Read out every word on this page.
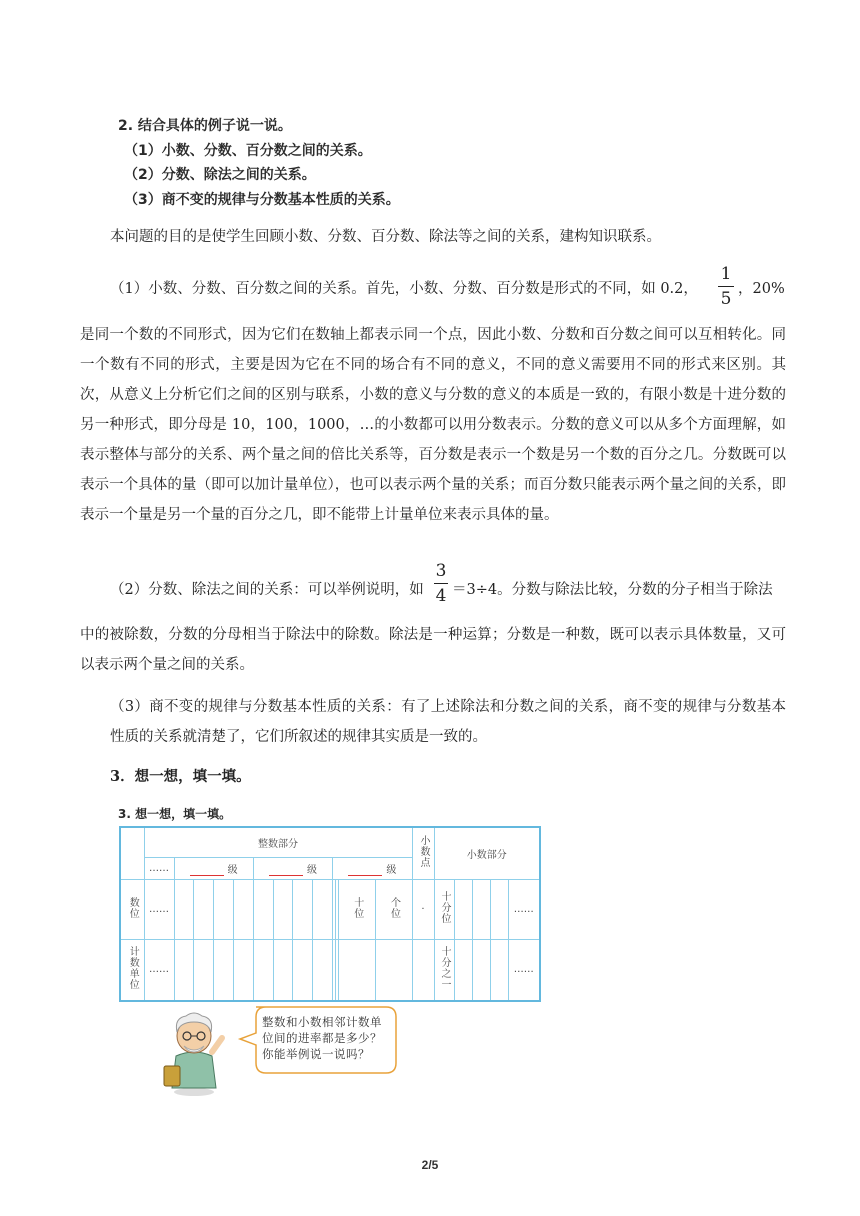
2. 结合具体的例子说一说。
（1）小数、分数、百分数之间的关系。
（2）分数、除法之间的关系。
（3）商不变的规律与分数基本性质的关系。
本问题的目的是使学生回顾小数、分数、百分数、除法等之间的关系，建构知识联系。
（1）小数、分数、百分数之间的关系。首先，小数、分数、百分数是形式的不同，如 0.2，
1
5 ，20%
是同一个数的不同形式，因为它们在数轴上都表示同一个点，因此小数、分数和百分数之间可以互相转化。同一个数有不同的形式，主要是因为它在不同的场合有不同的意义，不同的意义需要用不同的形式来区别。其次，从意义上分析它们之间的区别与联系，小数的意义与分数的意义的本质是一致的，有限小数是十进分数的另一种形式，即分母是 10，100，1000，…的小数都可以用分数表示。分数的意义可以从多个方面理解，如表示整体与部分的关系、两个量之间的倍比关系等，百分数是表示一个数是另一个数的百分之几。分数既可以表示一个具体的量（即可以加计量单位），也可以表示两个量的关系；而百分数只能表示两个量之间的关系，即表示一个量是另一个量的百分之几，即不能带上计量单位来表示具体的量。
（2）分数、除法之间的关系：可以举例说明，如
3
4 ＝3÷4。分数与除法比较，分数的分子相当于除法
中的被除数，分数的分母相当于除法中的除数。除法是一种运算；分数是一种数，既可以表示具体数量，又可以表示两个量之间的关系。
（3）商不变的规律与分数基本性质的关系：有了上述除法和分数之间的关系，商不变的规律与分数基本性质的关系就清楚了，它们所叙述的规律其实质是一致的。
3．想一想，填一填。
3. 想一想，填一填。
	整数部分													小数点	小数部分				
	……	级				级				级									
数位	……											十位	个位	·	十分位				……
计数单位	……														十分之一				……
整数和小数相邻计数单
位间的进率都是多少？
你能举例说一说吗？
2/5
